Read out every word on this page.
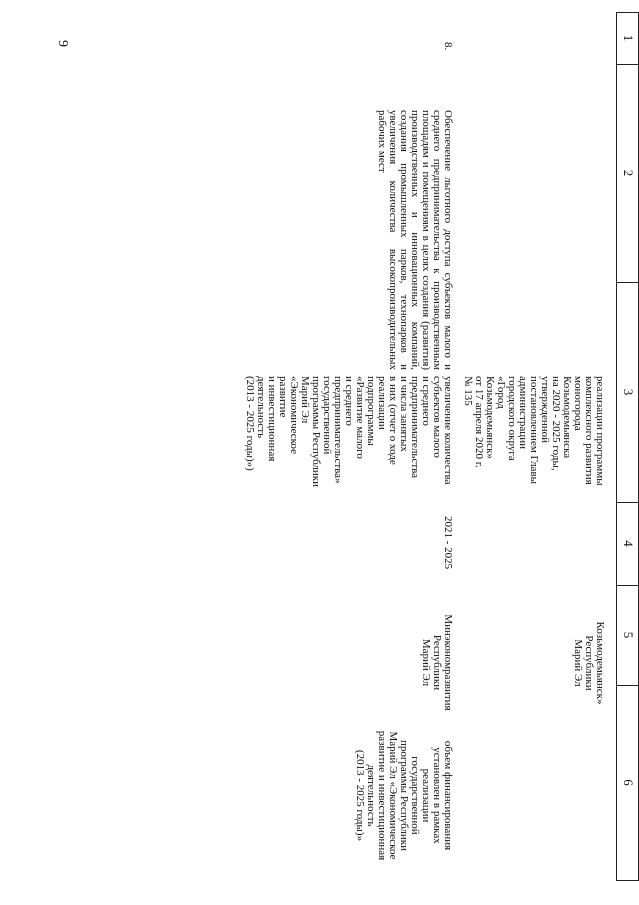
9
1
2
3
4
5
6
реализации программы
комплексного развития
моногорода
Козьмодемьянска
на 2020 - 2025 годы,
утвержденной
постановлением Главы
администрации
городского округа
«Город
Козьмодемьянск»
от 17 апреля 2020 г.
№ 135
Козьмодемьянск»
Республики
Марий Эл
8.
Обеспечение льготного доступа субъектов малого и среднего предпринимательства к производственным площадям и помещениям в целях создания (развития) производственных и инновационных компаний, создания промышленных парков, технопарков и увеличения количества высокопроизводительных рабочих мест
увеличение количества
субъектов малого
и среднего
предпринимательства
и числа занятых
в них (отчет о ходе
реализации
подпрограммы
«Развитие малого
и среднего
предпринимательства»
государственной
программы Республики
Марий Эл
«Экономическое
развитие
и инвестиционная
деятельность
(2013 - 2025 годы)»)
2021 - 2025
Минэкономразвития
Республики
Марий Эл
объем финансирования
установлен в рамках
реализации
государственной
программы Республики
Марий Эл «Экономическое
развитие и инвестиционная
деятельность
(2013 - 2025 годы)»
